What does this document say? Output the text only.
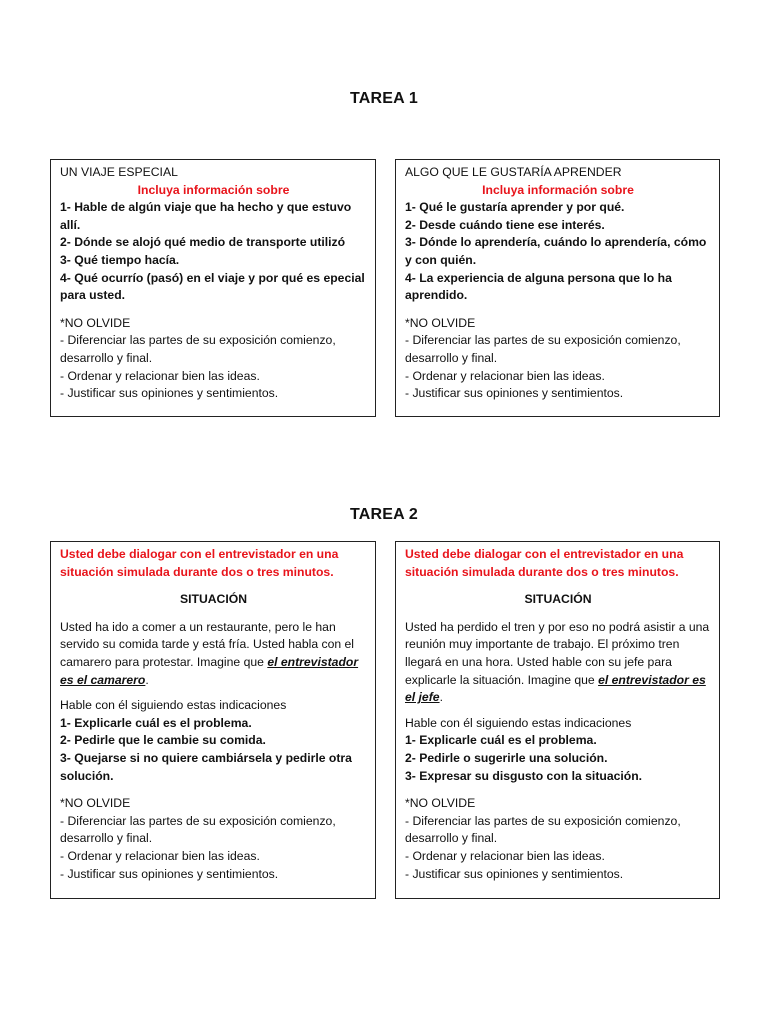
TAREA 1
UN VIAJE ESPECIAL
Incluya información sobre
1- Hable de algún viaje que ha hecho y que estuvo allí.
2- Dónde se alojó qué medio de transporte utilizó
3- Qué tiempo hacía.
4- Qué ocurrío (pasó) en el viaje y por qué es epecial para usted.
*NO OLVIDE
- Diferenciar las partes de su exposición comienzo, desarrollo y final.
- Ordenar y relacionar bien las ideas.
- Justificar sus opiniones y sentimientos.
ALGO QUE LE GUSTARÍA APRENDER
Incluya información sobre
1- Qué le gustaría aprender y por qué.
2- Desde cuándo tiene ese interés.
3- Dónde lo aprendería, cuándo lo aprendería, cómo y con quién.
4- La experiencia de alguna persona que lo ha aprendido.
*NO OLVIDE
- Diferenciar las partes de su exposición comienzo, desarrollo y final.
- Ordenar y relacionar bien las ideas.
- Justificar sus opiniones y sentimientos.
TAREA 2
Usted debe dialogar con el entrevistador en una situación simulada durante dos o tres minutos.
SITUACIÓN
Usted ha ido a comer a un restaurante, pero le han servido su comida tarde y está fría. Usted habla con el camarero para protestar. Imagine que el entrevistador es el camarero.
Hable con él siguiendo estas indicaciones
1- Explicarle cuál es el problema.
2- Pedirle que le cambie su comida.
3- Quejarse si no quiere cambiársela y pedirle otra solución.
*NO OLVIDE
- Diferenciar las partes de su exposición comienzo, desarrollo y final.
- Ordenar y relacionar bien las ideas.
- Justificar sus opiniones y sentimientos.
Usted debe dialogar con el entrevistador en una situación simulada durante dos o tres minutos.
SITUACIÓN
Usted ha perdido el tren y por eso no podrá asistir a una reunión muy importante de trabajo. El próximo tren llegará en una hora. Usted hable con su jefe para explicarle la situación. Imagine que el entrevistador es el jefe.
Hable con él siguiendo estas indicaciones
1- Explicarle cuál es el problema.
2- Pedirle o sugerirle una solución.
3- Expresar su disgusto con la situación.
*NO OLVIDE
- Diferenciar las partes de su exposición comienzo, desarrollo y final.
- Ordenar y relacionar bien las ideas.
- Justificar sus opiniones y sentimientos.
